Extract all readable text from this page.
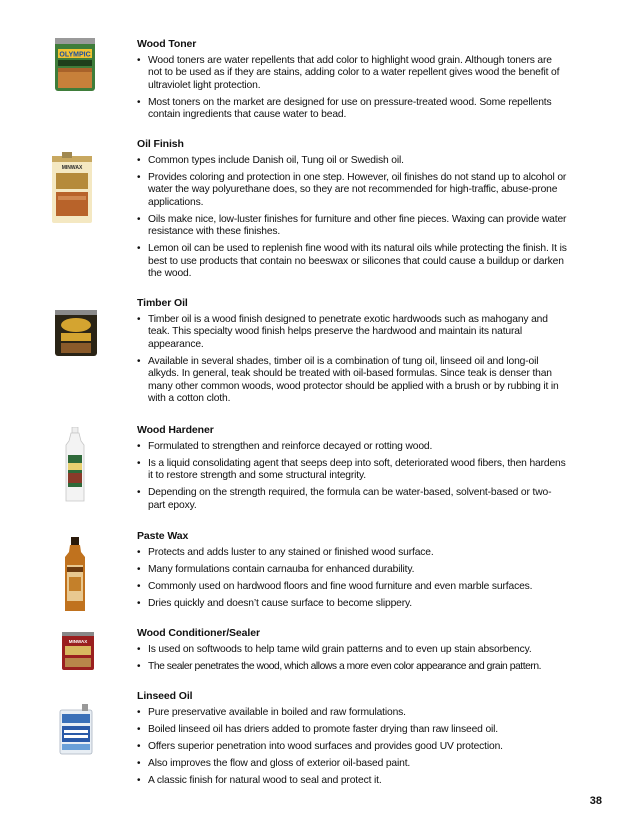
OLYMPIC
MINWAX
MINWAX
Wood Toner
• Wood toners are water repellents that add color to highlight wood grain. Although toners are not to be used as if they are stains, adding color to a water repellent gives wood the benefit of ultraviolet light protection.
• Most toners on the market are designed for use on pressure-treated wood. Some repellents contain ingredients that cause water to bead.
Oil Finish
• Common types include Danish oil, Tung oil or Swedish oil.
• Provides coloring and protection in one step. However, oil finishes do not stand up to alcohol or water the way polyurethane does, so they are not recommended for high-traffic, abuse-prone applications.
• Oils make nice, low-luster finishes for furniture and other fine pieces. Waxing can provide water resistance with these finishes.
• Lemon oil can be used to replenish fine wood with its natural oils while protecting the finish. It is best to use products that contain no beeswax or silicones that could cause a buildup or darken the wood.
Timber Oil
• Timber oil is a wood finish designed to penetrate exotic hardwoods such as mahogany and teak. This specialty wood finish helps preserve the hardwood and maintain its natural appearance.
• Available in several shades, timber oil is a combination of tung oil, linseed oil and long-oil alkyds. In general, teak should be treated with oil-based formulas. Since teak is denser than many other common woods, wood protector should be applied with a brush or by rubbing it in with a cotton cloth.
Wood Hardener
• Formulated to strengthen and reinforce decayed or rotting wood.
• Is a liquid consolidating agent that seeps deep into soft, deteriorated wood fibers, then hardens it to restore strength and some structural integrity.
• Depending on the strength required, the formula can be water-based, solvent-based or two-part epoxy.
Paste Wax
• Protects and adds luster to any stained or finished wood surface.
• Many formulations contain carnauba for enhanced durability.
• Commonly used on hardwood floors and fine wood furniture and even marble surfaces.
• Dries quickly and doesn’t cause surface to become slippery.
Wood Conditioner/Sealer
• Is used on softwoods to help tame wild grain patterns and to even up stain absorbency.
• The sealer penetrates the wood, which allows a more even color appearance and grain pattern.
Linseed Oil
• Pure preservative available in boiled and raw formulations.
• Boiled linseed oil has driers added to promote faster drying than raw linseed oil.
• Offers superior penetration into wood surfaces and provides good UV protection.
• Also improves the flow and gloss of exterior oil-based paint.
• A classic finish for natural wood to seal and protect it.
38
